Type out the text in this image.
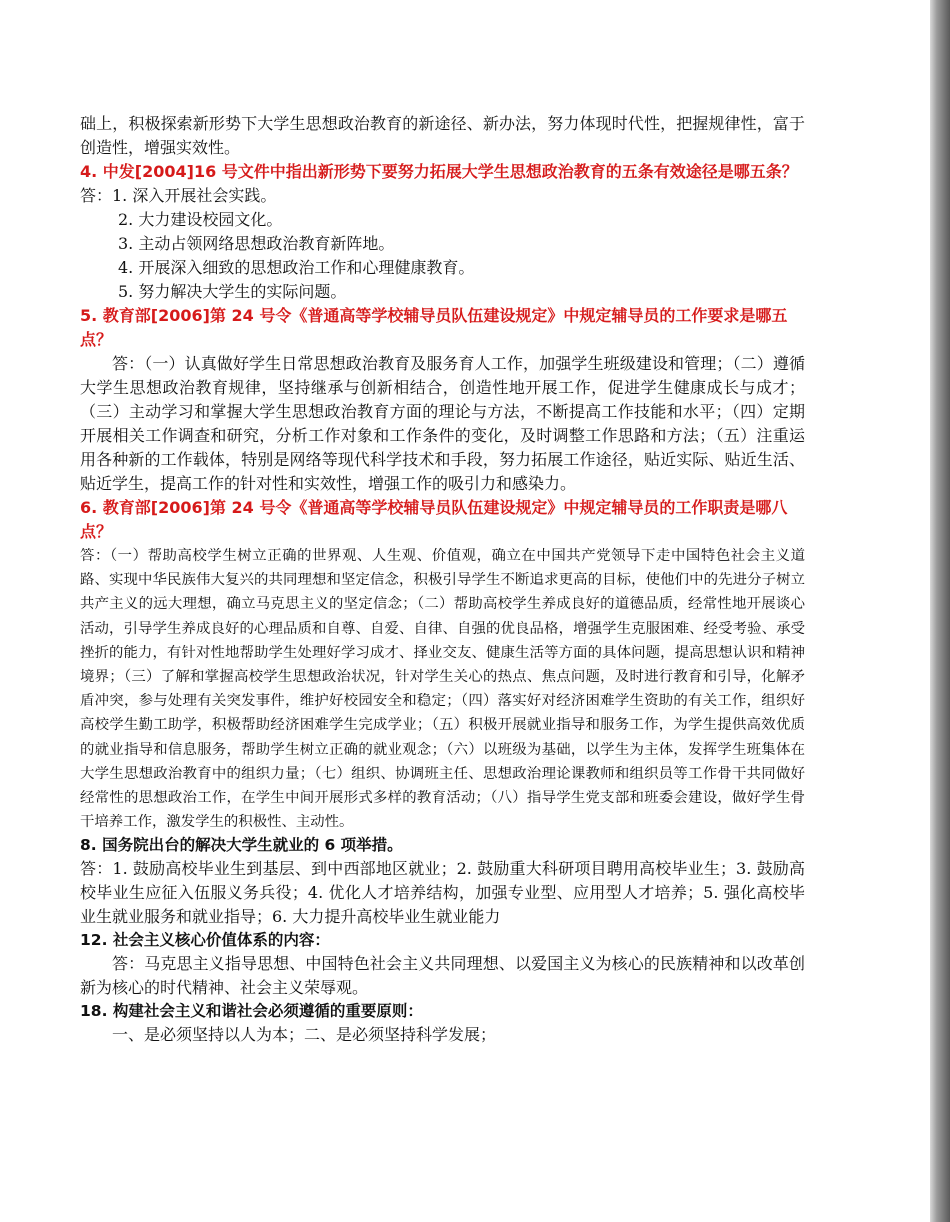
础上，积极探索新形势下大学生思想政治教育的新途径、新办法，努力体现时代性，把握规律性，富于创造性，增强实效性。

4. 中发[2004]16 号文件中指出新形势下要努力拓展大学生思想政治教育的五条有效途径是哪五条？

答：1. 深入开展社会实践。

2. 大力建设校园文化。

3. 主动占领网络思想政治教育新阵地。

4. 开展深入细致的思想政治工作和心理健康教育。

5. 努力解决大学生的实际问题。

5. 教育部[2006]第 24 号令《普通高等学校辅导员队伍建设规定》中规定辅导员的工作要求是哪五点？

答：（一）认真做好学生日常思想政治教育及服务育人工作，加强学生班级建设和管理；（二）遵循大学生思想政治教育规律，坚持继承与创新相结合，创造性地开展工作，促进学生健康成长与成才；（三）主动学习和掌握大学生思想政治教育方面的理论与方法，不断提高工作技能和水平；（四）定期开展相关工作调查和研究，分析工作对象和工作条件的变化，及时调整工作思路和方法；（五）注重运用各种新的工作载体，特别是网络等现代科学技术和手段，努力拓展工作途径，贴近实际、贴近生活、贴近学生，提高工作的针对性和实效性，增强工作的吸引力和感染力。

6. 教育部[2006]第 24 号令《普通高等学校辅导员队伍建设规定》中规定辅导员的工作职责是哪八点？

答：（一）帮助高校学生树立正确的世界观、人生观、价值观，确立在中国共产党领导下走中国特色社会主义道路、实现中华民族伟大复兴的共同理想和坚定信念，积极引导学生不断追求更高的目标，使他们中的先进分子树立共产主义的远大理想，确立马克思主义的坚定信念；（二）帮助高校学生养成良好的道德品质，经常性地开展谈心活动，引导学生养成良好的心理品质和自尊、自爱、自律、自强的优良品格，增强学生克服困难、经受考验、承受挫折的能力，有针对性地帮助学生处理好学习成才、择业交友、健康生活等方面的具体问题，提高思想认识和精神境界；（三）了解和掌握高校学生思想政治状况，针对学生关心的热点、焦点问题，及时进行教育和引导，化解矛盾冲突，参与处理有关突发事件，维护好校园安全和稳定；（四）落实好对经济困难学生资助的有关工作，组织好高校学生勤工助学，积极帮助经济困难学生完成学业；（五）积极开展就业指导和服务工作，为学生提供高效优质的就业指导和信息服务，帮助学生树立正确的就业观念；（六）以班级为基础，以学生为主体，发挥学生班集体在大学生思想政治教育中的组织力量；（七）组织、协调班主任、思想政治理论课教师和组织员等工作骨干共同做好经常性的思想政治工作，在学生中间开展形式多样的教育活动；（八）指导学生党支部和班委会建设，做好学生骨干培养工作，激发学生的积极性、主动性。

8. 国务院出台的解决大学生就业的 6 项举措。

答：1. 鼓励高校毕业生到基层、到中西部地区就业；2. 鼓励重大科研项目聘用高校毕业生；3. 鼓励高校毕业生应征入伍服义务兵役；4. 优化人才培养结构，加强专业型、应用型人才培养；5. 强化高校毕业生就业服务和就业指导；6. 大力提升高校毕业生就业能力

12. 社会主义核心价值体系的内容：

答：马克思主义指导思想、中国特色社会主义共同理想、以爱国主义为核心的民族精神和以改革创新为核心的时代精神、社会主义荣辱观。

18. 构建社会主义和谐社会必须遵循的重要原则：

一、是必须坚持以人为本；二、是必须坚持科学发展；
